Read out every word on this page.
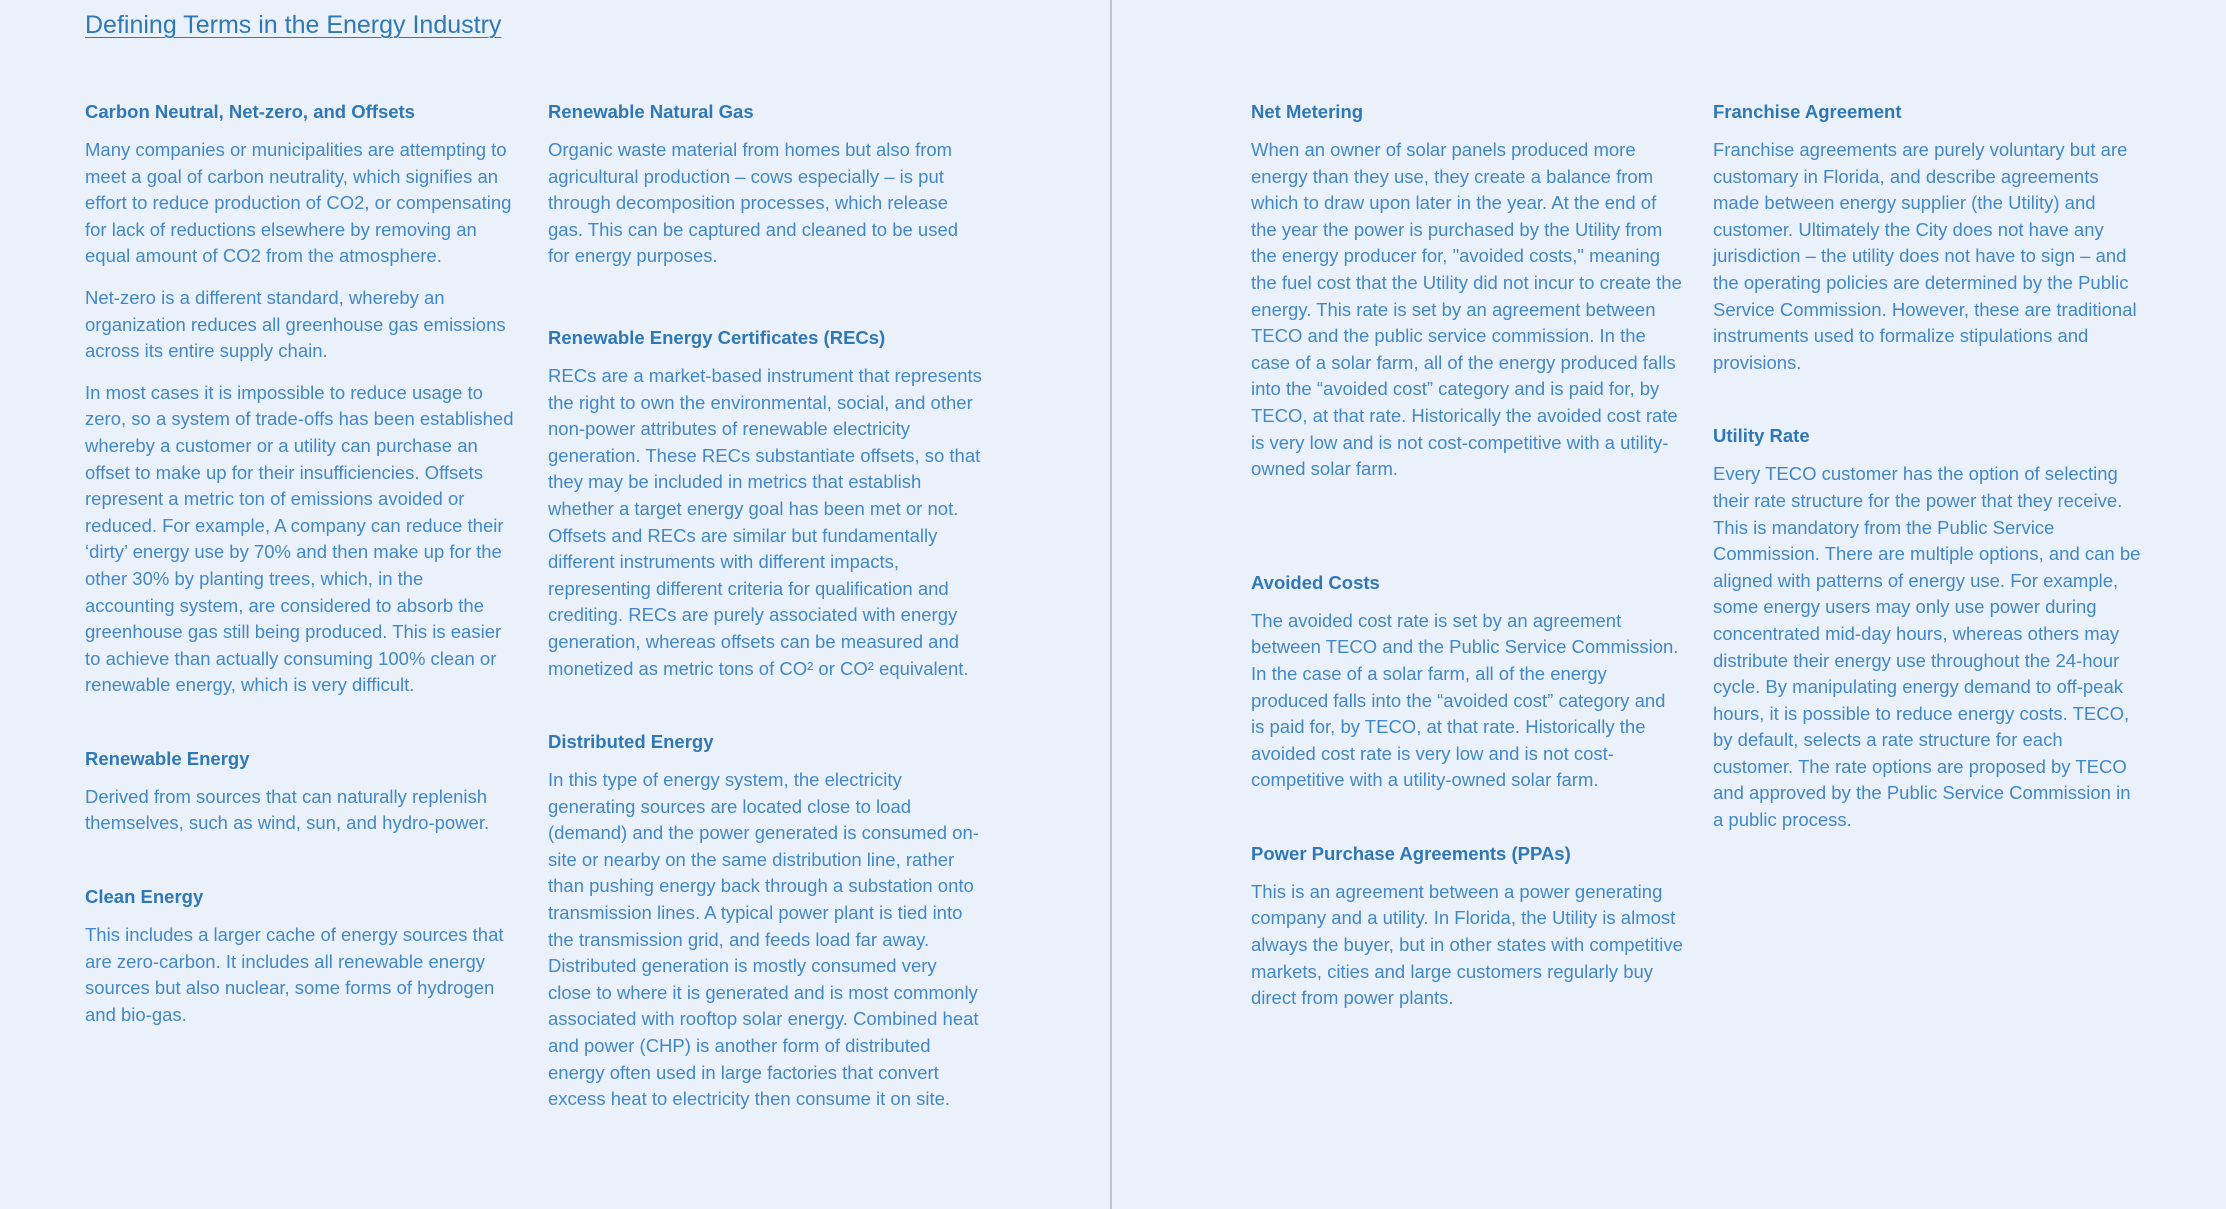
Defining Terms in the Energy Industry
Carbon Neutral, Net-zero, and Offsets

Many companies or municipalities are attempting to meet a goal of carbon neutrality, which signifies an effort to reduce production of CO2, or compensating for lack of reductions elsewhere by removing an equal amount of CO2 from the atmosphere.

Net-zero is a different standard, whereby an organization reduces all greenhouse gas emissions across its entire supply chain.

In most cases it is impossible to reduce usage to zero, so a system of trade-offs has been established whereby a customer or a utility can purchase an offset to make up for their insufficiencies. Offsets represent a metric ton of emissions avoided or reduced. For example, A company can reduce their ‘dirty’ energy use by 70% and then make up for the other 30% by planting trees, which, in the accounting system, are considered to absorb the greenhouse gas still being produced. This is easier to achieve than actually consuming 100% clean or renewable energy, which is very difficult.

Renewable Energy

Derived from sources that can naturally replenish themselves, such as wind, sun, and hydro-power.

Clean Energy

This includes a larger cache of energy sources that are zero-carbon. It includes all renewable energy sources but also nuclear, some forms of hydrogen and bio-gas.

Renewable Natural Gas

Organic waste material from homes but also from agricultural production – cows especially – is put through decomposition processes, which release gas. This can be captured and cleaned to be used for energy purposes.

Renewable Energy Certificates (RECs)

RECs are a market-based instrument that represents the right to own the environmental, social, and other non-power attributes of renewable electricity generation. These RECs substantiate offsets, so that they may be included in metrics that establish whether a target energy goal has been met or not. Offsets and RECs are similar but fundamentally different instruments with different impacts, representing different criteria for qualification and crediting. RECs are purely associated with energy generation, whereas offsets can be measured and monetized as metric tons of CO² or CO² equivalent.

Distributed Energy

In this type of energy system, the electricity generating sources are located close to load (demand) and the power generated is consumed on-site or nearby on the same distribution line, rather than pushing energy back through a substation onto transmission lines. A typical power plant is tied into the transmission grid, and feeds load far away. Distributed generation is mostly consumed very close to where it is generated and is most commonly associated with rooftop solar energy. Combined heat and power (CHP) is another form of distributed energy often used in large factories that convert excess heat to electricity then consume it on site.

Net Metering

When an owner of solar panels produced more energy than they use, they create a balance from which to draw upon later in the year. At the end of the year the power is purchased by the Utility from the energy producer for, "avoided costs," meaning the fuel cost that the Utility did not incur to create the energy. This rate is set by an agreement between TECO and the public service commission. In the case of a solar farm, all of the energy produced falls into the “avoided cost” category and is paid for, by TECO, at that rate. Historically the avoided cost rate is very low and is not cost-competitive with a utility-owned solar farm.

Avoided Costs

The avoided cost rate is set by an agreement between TECO and the Public Service Commission. In the case of a solar farm, all of the energy produced falls into the “avoided cost” category and is paid for, by TECO, at that rate. Historically the avoided cost rate is very low and is not cost-competitive with a utility-owned solar farm.

Power Purchase Agreements (PPAs)

This is an agreement between a power generating company and a utility. In Florida, the Utility is almost always the buyer, but in other states with competitive markets, cities and large customers regularly buy direct from power plants.

Franchise Agreement

Franchise agreements are purely voluntary but are customary in Florida, and describe agreements made between energy supplier (the Utility) and customer. Ultimately the City does not have any jurisdiction – the utility does not have to sign – and the operating policies are determined by the Public Service Commission. However, these are traditional instruments used to formalize stipulations and provisions.

Utility Rate

Every TECO customer has the option of selecting their rate structure for the power that they receive. This is mandatory from the Public Service Commission. There are multiple options, and can be aligned with patterns of energy use. For example, some energy users may only use power during concentrated mid-day hours, whereas others may distribute their energy use throughout the 24-hour cycle. By manipulating energy demand to off-peak hours, it is possible to reduce energy costs. TECO, by default, selects a rate structure for each customer. The rate options are proposed by TECO and approved by the Public Service Commission in a public process.
